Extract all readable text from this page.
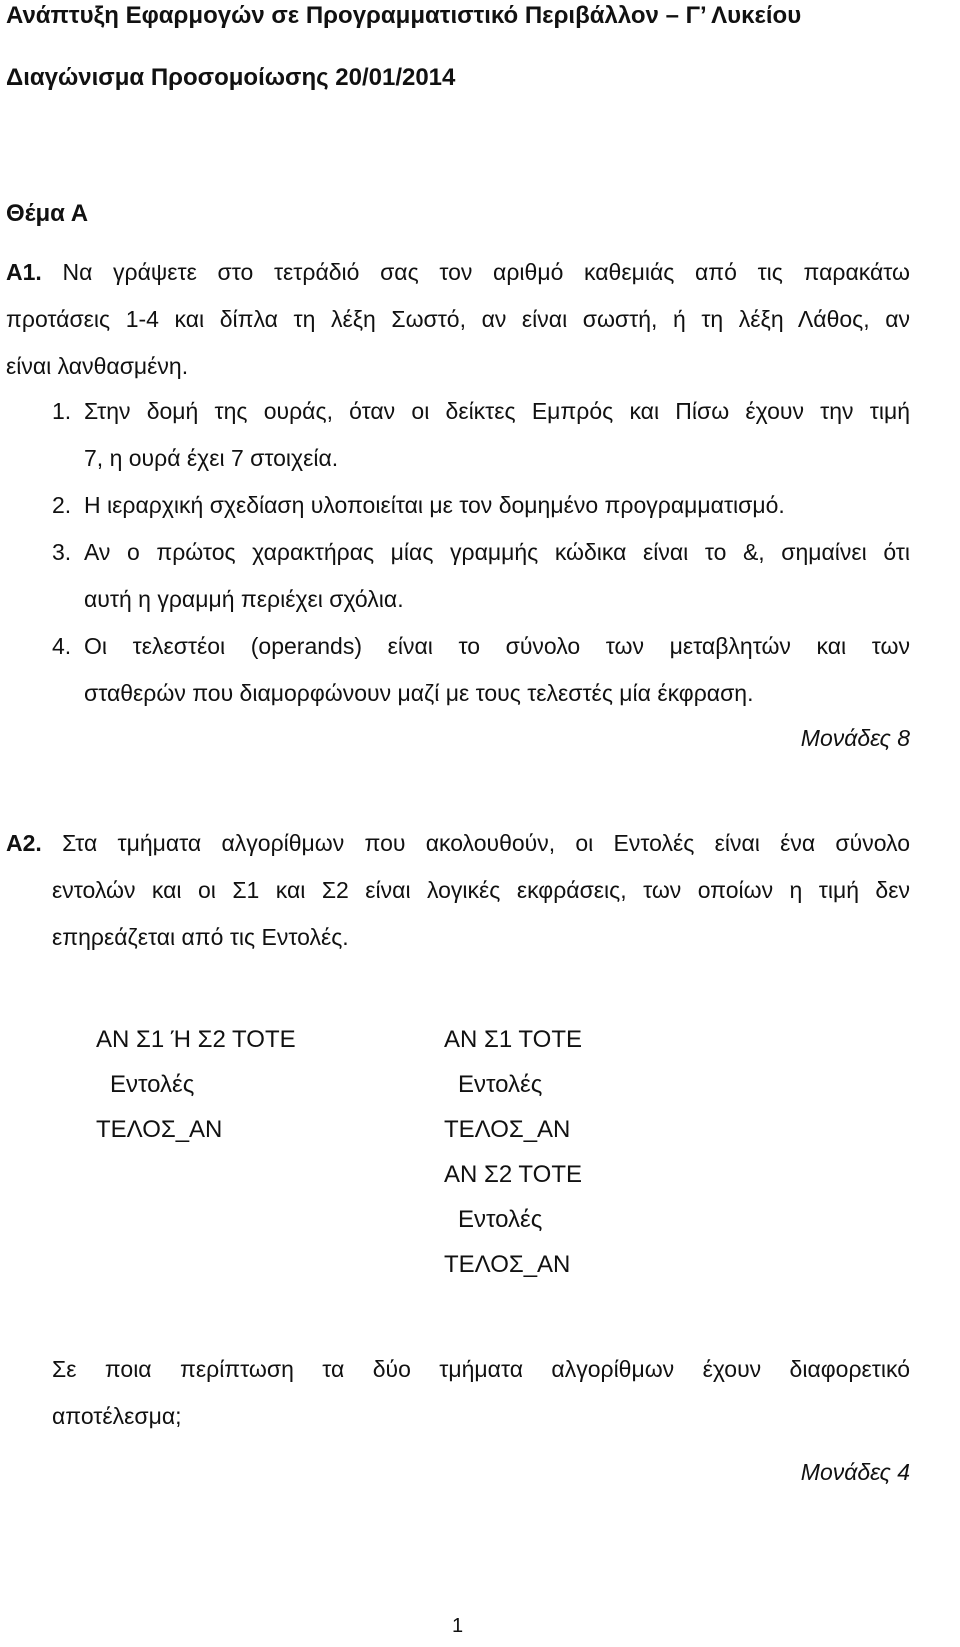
Ανάπτυξη Εφαρμογών σε Προγραμματιστικό Περιβάλλον – Γ’ Λυκείου
Διαγώνισμα Προσομοίωσης 20/01/2014
Θέμα Α
Α1. Να γράψετε στο τετράδιό σας τον αριθμό καθεμιάς από τις παρακάτω
προτάσεις 1-4 και δίπλα τη λέξη Σωστό, αν είναι σωστή, ή τη λέξη Λάθος, αν
είναι λανθασμένη.
1. Στην δομή της ουράς, όταν οι δείκτες Εμπρός και Πίσω έχουν την τιμή
7, η ουρά έχει 7 στοιχεία.
2. Η ιεραρχική σχεδίαση υλοποιείται με τον δομημένο προγραμματισμό.
3. Αν ο πρώτος χαρακτήρας μίας γραμμής κώδικα είναι το &, σημαίνει ότι
αυτή η γραμμή περιέχει σχόλια.
4. Οι τελεστέοι (operands) είναι το σύνολο των μεταβλητών και των
σταθερών που διαμορφώνουν μαζί με τους τελεστές μία έκφραση.
Μονάδες 8
Α2. Στα τμήματα αλγορίθμων που ακολουθούν, οι Εντολές είναι ένα σύνολο
εντολών και οι Σ1 και Σ2 είναι λογικές εκφράσεις, των οποίων η τιμή δεν
επηρεάζεται από τις Εντολές.
ΑΝ Σ1 Ή Σ2 ΤΟΤΕ
Εντολές
ΤΕΛΟΣ_ΑΝ
ΑΝ Σ1 ΤΟΤΕ
Εντολές
ΤΕΛΟΣ_ΑΝ
ΑΝ Σ2 ΤΟΤΕ
Εντολές
ΤΕΛΟΣ_ΑΝ
Σε ποια περίπτωση τα δύο τμήματα αλγορίθμων έχουν διαφορετικό
αποτέλεσμα;
Μονάδες 4
1
